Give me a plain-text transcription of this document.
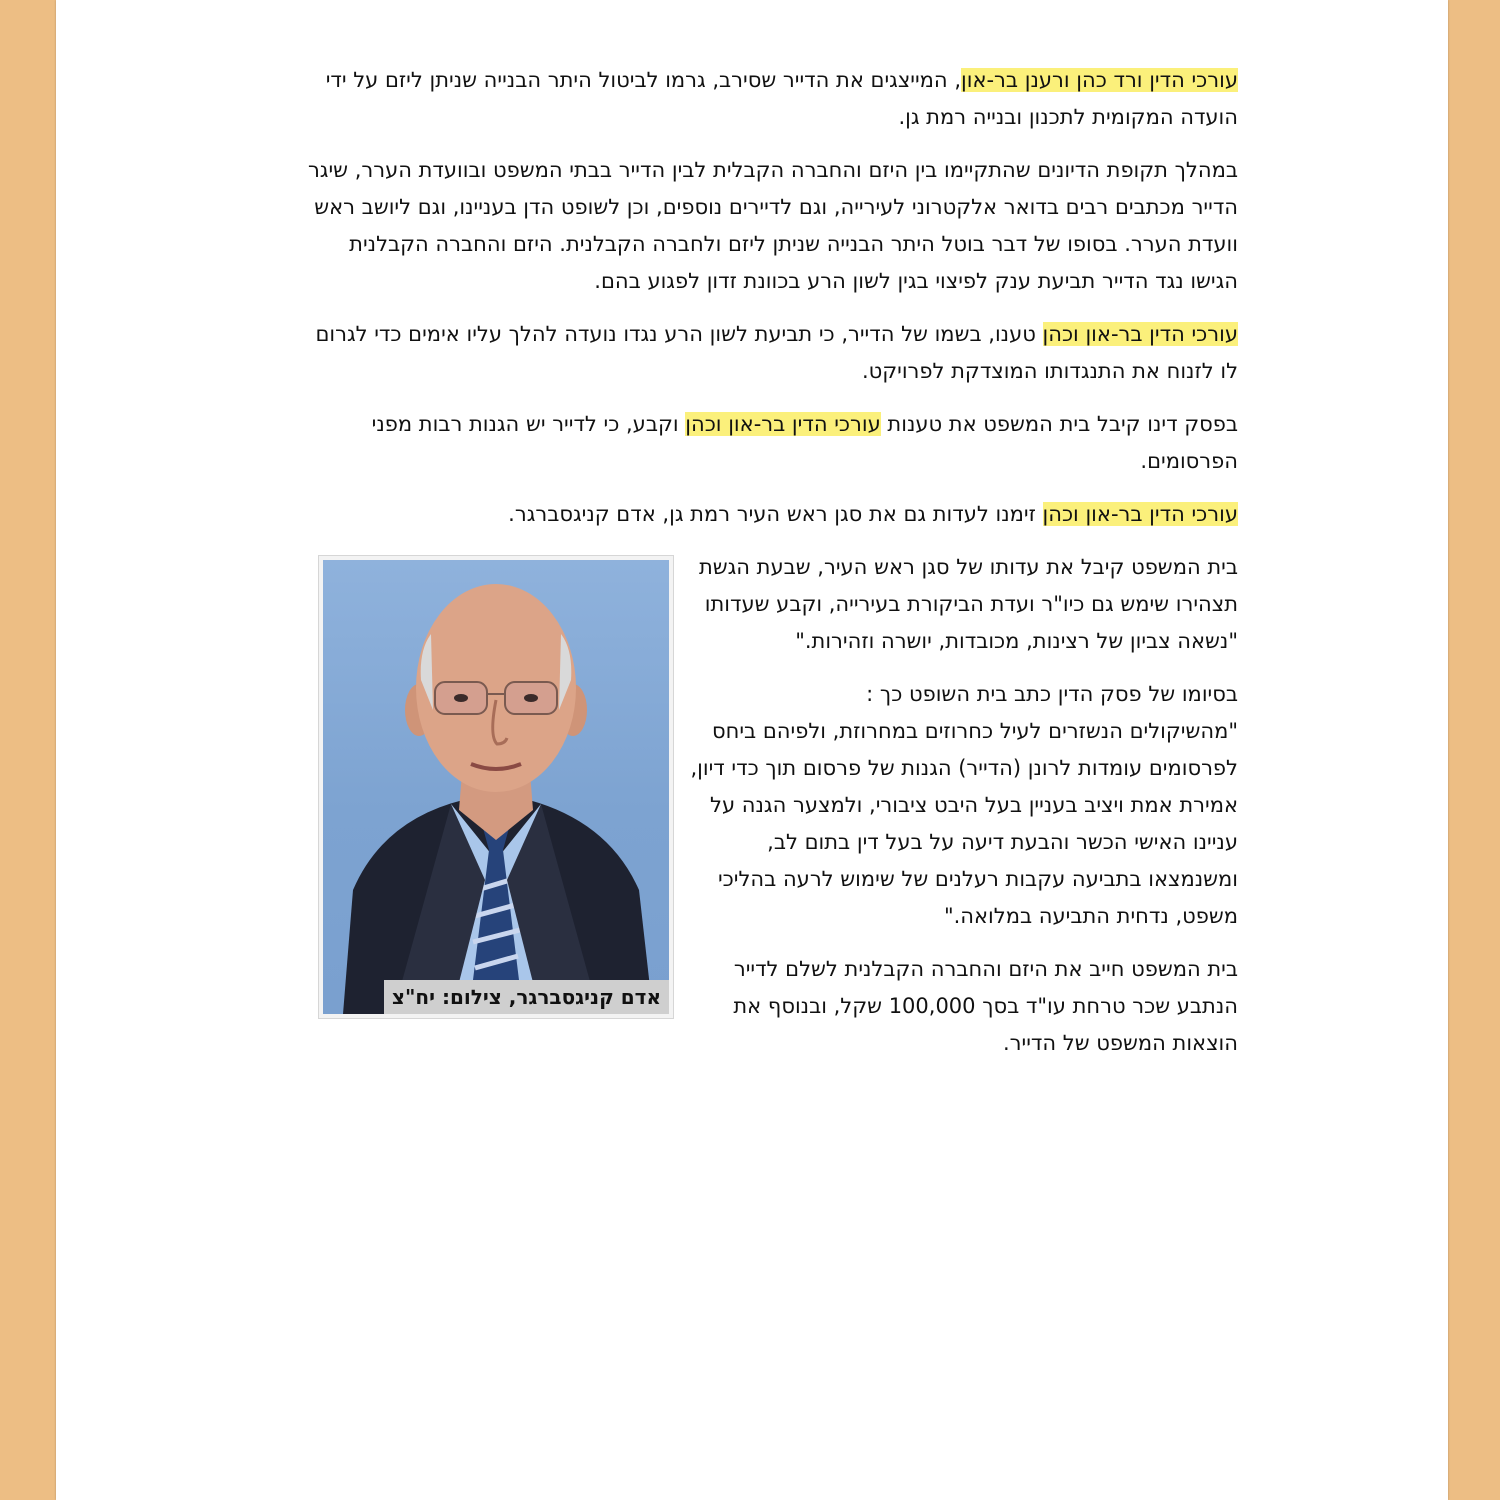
עורכי הדין ורד כהן ורענן בר-און, המייצגים את הדייר שסירב, גרמו לביטול היתר הבנייה שניתן ליזם על ידי הועדה המקומית לתכנון ובנייה רמת גן.

במהלך תקופת הדיונים שהתקיימו בין היזם והחברה הקבלית לבין הדייר בבתי המשפט ובוועדת הערר, שיגר הדייר מכתבים רבים בדואר אלקטרוני לעירייה, וגם לדיירים נוספים, וכן לשופט הדן בעניינו, וגם ליושב ראש וועדת הערר. בסופו של דבר בוטל היתר הבנייה שניתן ליזם ולחברה הקבלנית. היזם והחברה הקבלנית הגישו נגד הדייר תביעת ענק לפיצוי בגין לשון הרע בכוונת זדון לפגוע בהם.

עורכי הדין בר-און וכהן טענו, בשמו של הדייר, כי תביעת לשון הרע נגדו נועדה להלך עליו אימים כדי לגרום לו לזנוח את התנגדותו המוצדקת לפרויקט.

בפסק דינו קיבל בית המשפט את טענות עורכי הדין בר-און וכהן וקבע, כי לדייר יש הגנות רבות מפני הפרסומים.

עורכי הדין בר-און וכהן זימנו לעדות גם את סגן ראש העיר רמת גן, אדם קניגסברגר.

אדם קניגסברגר, צילום: יח"צ

בית המשפט קיבל את עדותו של סגן ראש העיר, שבעת הגשת תצהירו שימש גם כיו"ר ועדת הביקורת בעירייה, וקבע שעדותו "נשאה צביון של רצינות, מכובדות, יושרה וזהירות."

בסיומו של פסק הדין כתב בית השופט כך :
"מהשיקולים הנשזרים לעיל כחרוזים במחרוזת, ולפיהם ביחס לפרסומים עומדות לרונן (הדייר) הגנות של פרסום תוך כדי דיון, אמירת אמת ויציב בעניין בעל היבט ציבורי, ולמצער הגנה על עניינו האישי הכשר והבעת דיעה על בעל דין בתום לב, ומשנמצאו בתביעה עקבות רעלנים של שימוש לרעה בהליכי משפט, נדחית התביעה במלואה."

בית המשפט חייב את היזם והחברה הקבלנית לשלם לדייר הנתבע שכר טרחת עו"ד בסך 100,000 שקל, ובנוסף את הוצאות המשפט של הדייר.
